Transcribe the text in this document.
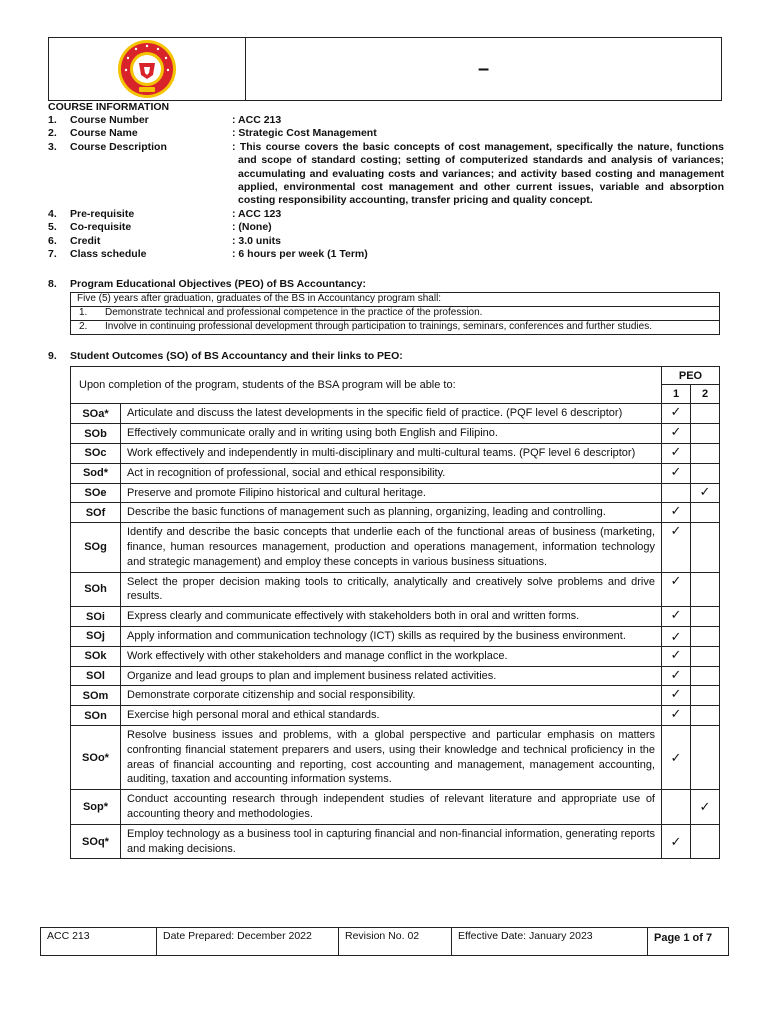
–
COURSE INFORMATION
1.	Course Number	: ACC 213
2.	Course Name	: Strategic Cost Management
3.	Course Description	: This course covers the basic concepts of cost management, specifically the nature, functions and scope of standard costing; setting of computerized standards and analysis of variances; accumulating and evaluating costs and variances; and activity based costing and management applied, environmental cost management and other current issues, variable and absorption costing responsibility accounting, transfer pricing and quality concept.
4.	Pre-requisite	: ACC 123
5.	Co-requisite	: (None)
6.	Credit	: 3.0 units
7.	Class schedule	: 6 hours per week (1 Term)
8.	Program Educational Objectives (PEO) of BS Accountancy:
Five (5) years after graduation, graduates of the BS in Accountancy program shall:
1. Demonstrate technical and professional competence in the practice of the profession.
2. Involve in continuing professional development through participation to trainings, seminars, conferences and further studies.
9.	Student Outcomes (SO) of BS Accountancy and their links to PEO:
Upon completion of the program, students of the BSA program will be able to:		PEO	
		1	2
SOa*	Articulate and discuss the latest developments in the specific field of practice. (PQF level 6 descriptor)	✓	
SOb	Effectively communicate orally and in writing using both English and Filipino.	✓	
SOc	Work effectively and independently in multi-disciplinary and multi-cultural teams. (PQF level 6 descriptor)	✓	
Sod*	Act in recognition of professional, social and ethical responsibility.	✓	
SOe	Preserve and promote Filipino historical and cultural heritage.		✓
SOf	Describe the basic functions of management such as planning, organizing, leading and controlling.	✓	
SOg	Identify and describe the basic concepts that underlie each of the functional areas of business (marketing, finance, human resources management, production and operations management, information technology and strategic management) and employ these concepts in various business situations.	✓	
SOh	Select the proper decision making tools to critically, analytically and creatively solve problems and drive results.	✓	
SOi	Express clearly and communicate effectively with stakeholders both in oral and written forms.	✓	
SOj	Apply information and communication technology (ICT) skills as required by the business environment.	✓	
SOk	Work effectively with other stakeholders and manage conflict in the workplace.	✓	
SOl	Organize and lead groups to plan and implement business related activities.	✓	
SOm	Demonstrate corporate citizenship and social responsibility.	✓	
SOn	Exercise high personal moral and ethical standards.	✓	
SOo*	Resolve business issues and problems, with a global perspective and particular emphasis on matters confronting financial statement preparers and users, using their knowledge and technical proficiency in the areas of financial accounting and reporting, cost accounting and management, management accounting, auditing, taxation and accounting information systems.	✓	
Sop*	Conduct accounting research through independent studies of relevant literature and appropriate use of accounting theory and methodologies.		✓
SOq*	Employ technology as a business tool in capturing financial and non-financial information, generating reports and making decisions.	✓	
ACC 213	Date Prepared: December 2022	Revision No. 02	Effective Date: January 2023	Page 1 of 7
